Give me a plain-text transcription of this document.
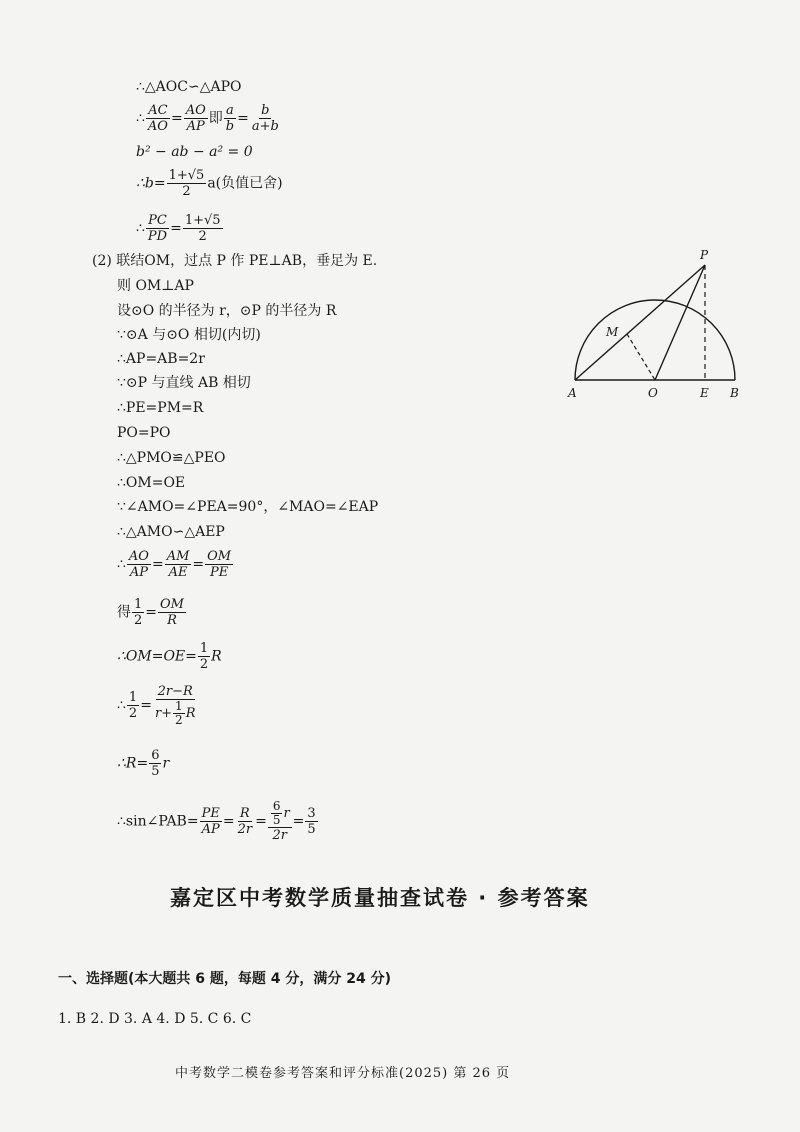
∴△AOC∽△APO
∴ $\frac{AC}{AO} = \frac{AO}{AP}$ 即 $\frac{a}{b} = \frac{b}{a+b}$
b² − ab − a² = 0
∴b= $\frac{1+√5}{2} a$(负值已舍)
∴ $\frac{PC}{PD} = \frac{1+√5}{2}$
(2) 联结OM，过点 P 作 PE⊥AB，垂足为 E.
则 OM⊥AP
设⊙O 的半径为 r，⊙P 的半径为 R
∵⊙A 与⊙O 相切(内切)
∴AP=AB=2r
∵⊙P 与直线 AB 相切
∴PE=PM=R
PO=PO
∴△PMO≌△PEO
∴OM=OE
∵∠AMO=∠PEA=90°，∠MAO=∠EAP
∴△AMO∽△AEP
∴ $\frac{AO}{AP} = \frac{AM}{AE} = \frac{OM}{PE}$
得 $\frac{1}{2} = \frac{OM}{R}$
∴OM=OE= $\frac{1}{2}$ R
∴ $\frac{1}{2} = \frac{2r-R}{r+ \frac{1}{2} R}$
∴R= $\frac{6}{5}$ r
∴sin∠PAB= $\frac{PE}{AP} = \frac{R}{2r} = \frac{\frac{6}{5} r}{2r} = \frac{3}{5}$
P
M
A	O	E B
嘉定区中考数学质量抽查试卷 · 参考答案
一、选择题(本大题共 6 题，每题 4 分，满分 24 分)
1. B 2. D 3. A 4. D 5. C 6. C
中考数学二模卷参考答案和评分标准(2025) 第 26 页
